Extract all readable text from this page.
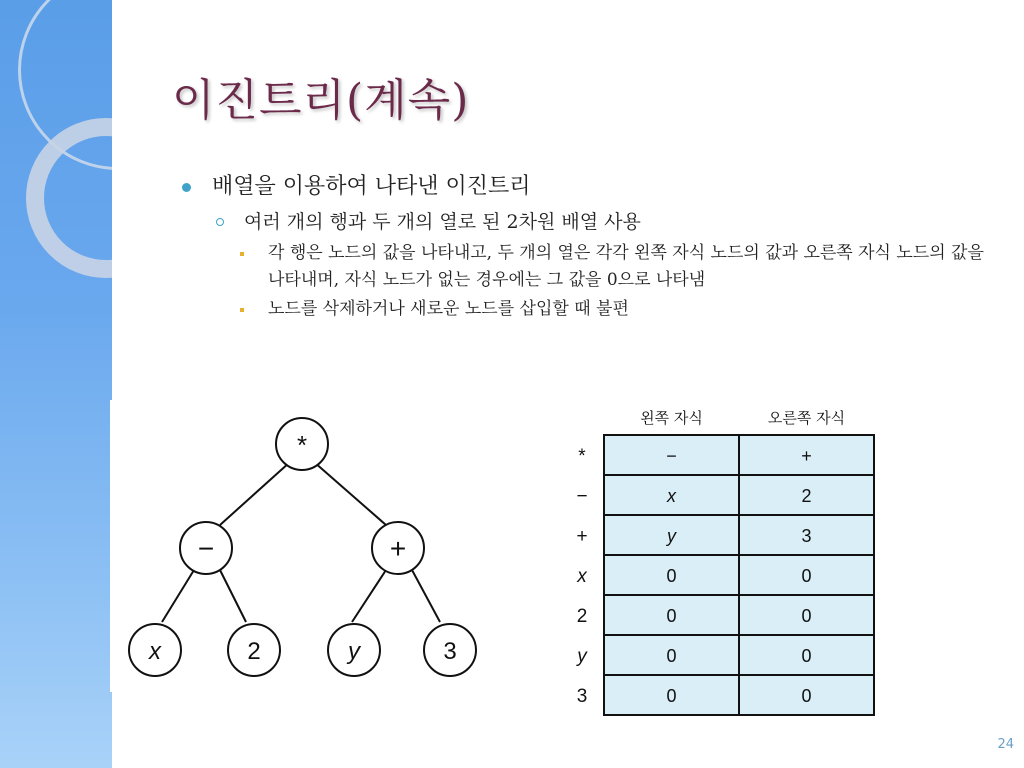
이진트리(계속)
배열을 이용하여 나타낸 이진트리
여러 개의 행과 두 개의 열로 된 2차원 배열 사용
각 행은 노드의 값을 나타내고, 두 개의 열은 각각 왼쪽 자식 노드의 값과 오른쪽 자식 노드의 값을 나타내며, 자식 노드가 없는 경우에는 그 값을 0으로 나타냄
노드를 삭제하거나 새로운 노드를 삽입할 때 불편
*
−	+
x	2	y	3
왼쪽 자식	오른쪽 자식
*	−	+
−	x	2
+	y	3
x	0	0
2	0	0
y	0	0
3	0	0
24
